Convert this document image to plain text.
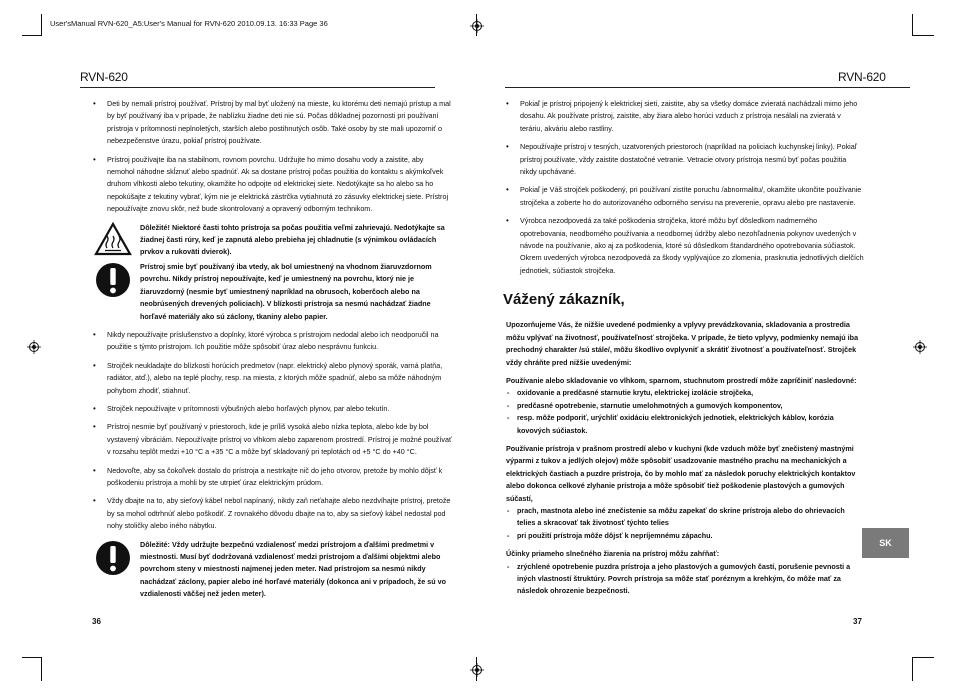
User'sManual RVN-620_A5:User's Manual for RVN-620 2010.09.13. 16:33 Page 36
RVN-620

• Deti by nemali prístroj používať. Prístroj by mal byť uložený na mieste, ku ktorému deti nemajú prístup a mal by byť používaný iba v prípade, že nablízku žiadne deti nie sú. Počas dôkladnej pozornosti pri používaní prístroja v prítomnosti neplnoletých, starších alebo postihnutých osôb. Také osoby by ste mali upozorniť o nebezpečenstve úrazu, pokiaľ prístroj používate.

• Prístroj používajte iba na stabilnom, rovnom povrchu. Udržujte ho mimo dosahu vody a zaistite, aby nemohol náhodne skĺznuť alebo spadnúť. Ak sa dostane prístroj počas použitia do kontaktu s akýmkoľvek druhom vlhkosti alebo tekutiny, okamžite ho odpojte od elektrickej siete. Nedotýkajte sa ho alebo sa ho nepokúšajte z tekutiny vybrať, kým nie je elektrická zástrčka vytiahnutá zo zásuvky elektrickej siete. Prístroj nepoužívajte znovu skôr, než bude skontrolovaný a opravený odborným technikom.

Dôležité! Niektoré časti tohto prístroja sa počas použitia veľmi zahrievajú. Nedotýkajte sa žiadnej časti rúry, keď je zapnutá alebo prebieha jej chladnutie (s výnimkou ovládacích prvkov a rukoväti dvierok).
Prístroj smie byť používaný iba vtedy, ak bol umiestnený na vhodnom žiaruvzdornom povrchu. Nikdy prístroj nepoužívajte, keď je umiestnený na povrchu, ktorý nie je žiaruvzdorný (nesmie byť umiestnený napríklad na obrusoch, koberčoch alebo na neobrúsených drevených policiach). V blízkosti prístroja sa nesmú nachádzať žiadne horľavé materiály ako sú záclony, tkaniny alebo papier.

• Nikdy nepoužívajte príslušenstvo a doplnky, ktoré výrobca s prístrojom nedodal alebo ich neodporučil na použitie s týmto prístrojom. Ich použitie môže spôsobiť úraz alebo nesprávnu funkciu.

• Strojček neukladajte do blízkosti horúcich predmetov (napr. elektrický alebo plynový sporák, varná platňa, radiátor, atď.), alebo na teplé plochy, resp. na miesta, z ktorých môže spadnúť, alebo sa môže náhodným pohybom zhodiť, stiahnuť.

• Strojček nepoužívajte v prítomnosti výbušných alebo horľavých plynov, par alebo tekutín.

• Prístroj nesmie byť používaný v priestoroch, kde je príliš vysoká alebo nízka teplota, alebo kde by bol vystavený vibráciám. Nepoužívajte prístroj vo vlhkom alebo zaparenom prostredí. Prístroj je možné používať v rozsahu teplôt medzi +10 °C a +35 °C a môže byť skladovaný pri teplotách od +5 °C do +40 °C.

• Nedovoľte, aby sa čokoľvek dostalo do prístroja a nestrkajte nič do jeho otvorov, pretože by mohlo dôjsť k poškodeniu prístroja a mohli by ste utrpieť úraz elektrickým prúdom.

• Vždy dbajte na to, aby sieťový kábel nebol napínaný, nikdy zaň neťahajte alebo nezdvíhajte prístroj, pretože by sa mohol odtrhnúť alebo poškodiť. Z rovnakého dôvodu dbajte na to, aby sa sieťový kábel nedostal pod nohy stoličky alebo iného nábytku.

Dôležité: Vždy udržujte bezpečnú vzdialenosť medzi prístrojom a ďalšími predmetmi v miestnosti. Musí byť dodržovaná vzdialenosť medzi prístrojom a ďalšími objektmi alebo povrchom steny v miestnosti najmenej jeden meter. Nad prístrojom sa nesmú nikdy nachádzať záclony, papier alebo iné horľavé materiály (dokonca ani v prípadoch, že sú vo vzdialenosti väčšej než jeden meter).
36
RVN-620

• Pokiaľ je prístroj pripojený k elektrickej sieti, zaistite, aby sa všetky domáce zvieratá nachádzali mimo jeho dosahu. Ak používate prístroj, zaistite, aby žiara alebo horúci vzduch z prístroja nesálali na zvieratá v teráriu, akváriu alebo rastliny.

• Nepoužívajte prístroj v tesných, uzatvorených priestoroch (napríklad na policiach kuchynskej linky). Pokiaľ prístroj používate, vždy zaistite dostatočné vetranie. Vetracie otvory prístroja nesmú byť počas použitia nikdy upchávané.

• Pokiaľ je Váš strojček poškodený, pri používaní zistíte poruchu /abnormalitu/, okamžite ukončite používanie strojčeka a zoberte ho do autorizovaného odborného servisu na preverenie, opravu alebo pre nastavenie.

• Výrobca nezodpovedá za také poškodenia strojčeka, ktoré môžu byť dôsledkom nadmerného opotrebovania, neodborného používania a neodbornej údržby alebo nezohľadnenia pokynov uvedených v návode na používanie, ako aj za poškodenia, ktoré sú dôsledkom štandardného opotrebovania súčiastok. Okrem uvedených výrobca nezodpovedá za škody vyplývajúce zo zlomenia, prasknutia jednotlivých dielčích jednotiek, súčiastok strojčeka.

Vážený zákazník,

Upozorňujeme Vás, že nižšie uvedené podmienky a vplyvy prevádzkovania, skladovania a prostredia môžu vplývať na životnosť, používateľnosť strojčeka. V prípade, že tieto vplyvy, podmienky nemajú iba prechodný charakter /sú stále/, môžu škodlivo ovplyvniť a skrátiť životnosť a používateľnosť. Strojček vždy chráňte pred nižšie uvedenými:

Používanie alebo skladovanie vo vlhkom, sparnom, stuchnutom prostredí môže zapríčiniť nasledovné:

- oxidovanie a predčasné starnutie krytu, elektrickej izolácie strojčeka,
- predčasné opotrebenie, starnutie umelohmotných a gumových komponentov,
- resp. môže podporiť, urýchliť oxidáciu elektronických jednotiek, elektrických káblov, korózia kovových súčiastok.

Používanie prístroja v prašnom prostredí alebo v kuchyni (kde vzduch môže byť znečistený mastnými výparmi z tukov a jedlých olejov) môže spôsobiť usadzovanie mastného prachu na mechanických a elektrických častiach a puzdre prístroja, čo by mohlo mať za následok poruchy elektrických kontaktov alebo dokonca celkové zlyhanie prístroja a môže spôsobiť tiež poškodenie plastových a gumových súčastí,

- prach, mastnota alebo iné znečistenie sa môžu zapekať do skrine prístroja alebo do ohrievacích telies a skracovať tak životnosť týchto telies
- pri použití prístroja môže dôjsť k nepríjemnému zápachu.

Účinky priameho slnečného žiarenia na prístroj môžu zahŕňať:

- zrýchlené opotrebenie puzdra prístroja a jeho plastových a gumových častí, porušenie pevnosti a iných vlastností štruktúry. Povrch prístroja sa môže stať poréznym a krehkým, čo môže mať za následok ohrozenie bezpečnosti.
SK
37
